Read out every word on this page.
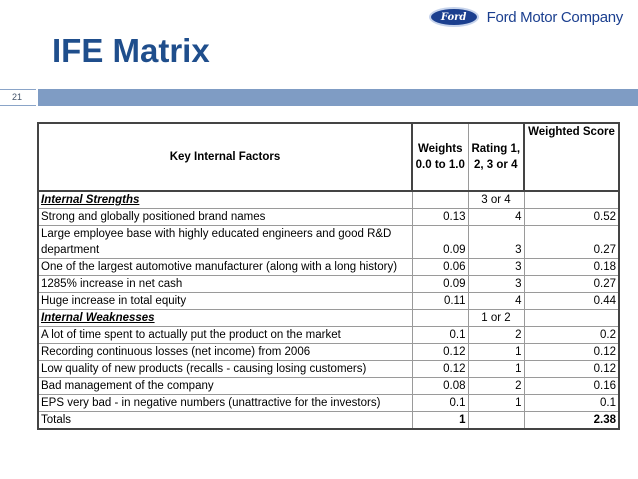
Ford	Ford Motor Company
IFE Matrix
21
Key Internal Factors	Weights 0.0 to 1.0	Rating 1, 2, 3 or 4	Weighted Score
Internal Strengths		3 or 4	
Strong and globally positioned brand names	0.13	4	0.52
Large employee base with highly educated engineers and good R&D department	0.09	3	0.27
One of the largest automotive manufacturer (along with a long history)	0.06	3	0.18
1285% increase in net cash	0.09	3	0.27
Huge increase in total equity	0.11	4	0.44
Internal Weaknesses		1 or 2	
A lot of time spent to actually put the product on the market	0.1	2	0.2
Recording continuous losses (net income) from 2006	0.12	1	0.12
Low quality of new products (recalls - causing losing customers)	0.12	1	0.12
Bad management of the company	0.08	2	0.16
EPS very bad - in negative numbers (unattractive for the investors)	0.1	1	0.1
Totals	1		2.38
